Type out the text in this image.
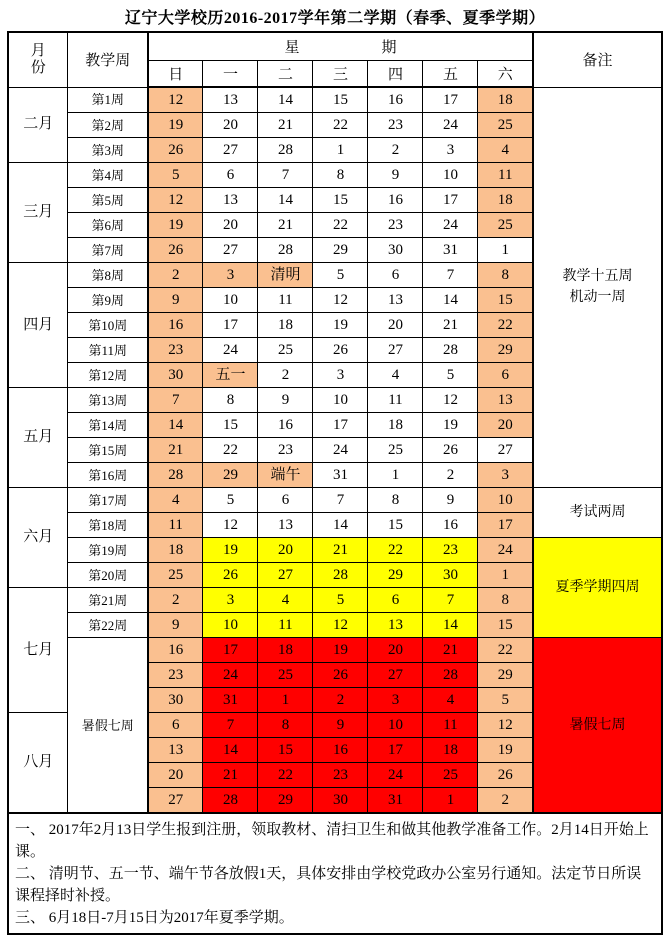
辽宁大学校历2016-2017学年第二学期（春季、夏季学期）
月
份	教学周	
星	期
	备注
		日	一	二	三	四	五	六	
二月	第1周	12	13	14	15	16	17	18	教学十五周
机动一周

	第2周	19	20	21	22	23	24	25	
	第3周	26	27	28	1	2	3	4	
三月	第4周	5	6	7	8	9	10	11	
	第5周	12	13	14	15	16	17	18	
	第6周	19	20	21	22	23	24	25	
	第7周	26	27	28	29	30	31	1	
四月	第8周	2	3	清明	5	6	7	8	
	第9周	9	10	11	12	13	14	15	
	第10周	16	17	18	19	20	21	22	
	第11周	23	24	25	26	27	28	29	
	第12周	30	五一	2	3	4	5	6	
五月	第13周	7	8	9	10	11	12	13	
	第14周	14	15	16	17	18	19	20	
	第15周	21	22	23	24	25	26	27	
	第16周	28	29	端午	31	1	2	3	
六月	第17周	4	5	6	7	8	9	10	考试两周

	第18周	11	12	13	14	15	16	17	
	第19周	18	19	20	21	22	23	24	夏季学期四周

	第20周	25	26	27	28	29	30	1	
七月	第21周	2	3	4	5	6	7	8	
	第22周	9	10	11	12	13	14	15	
	暑假七周	16	17	18	19	20	21	22	暑假七周

		23	24	25	26	27	28	29	
		30	31	1	2	3	4	5	
八月		6	7	8	9	10	11	12	
		13	14	15	16	17	18	19	
		20	21	22	23	24	25	26	
		27	28	29	30	31	1	2	

一、 2017年2月13日学生报到注册，领取教材、清扫卫生和做其他教学准备工作。2月14日开始上课。

二、 清明节、五一节、端午节各放假1天，具体安排由学校党政办公室另行通知。法定节日所误课程择时补授。

三、 6月18日-7月15日为2017年夏季学期。									
